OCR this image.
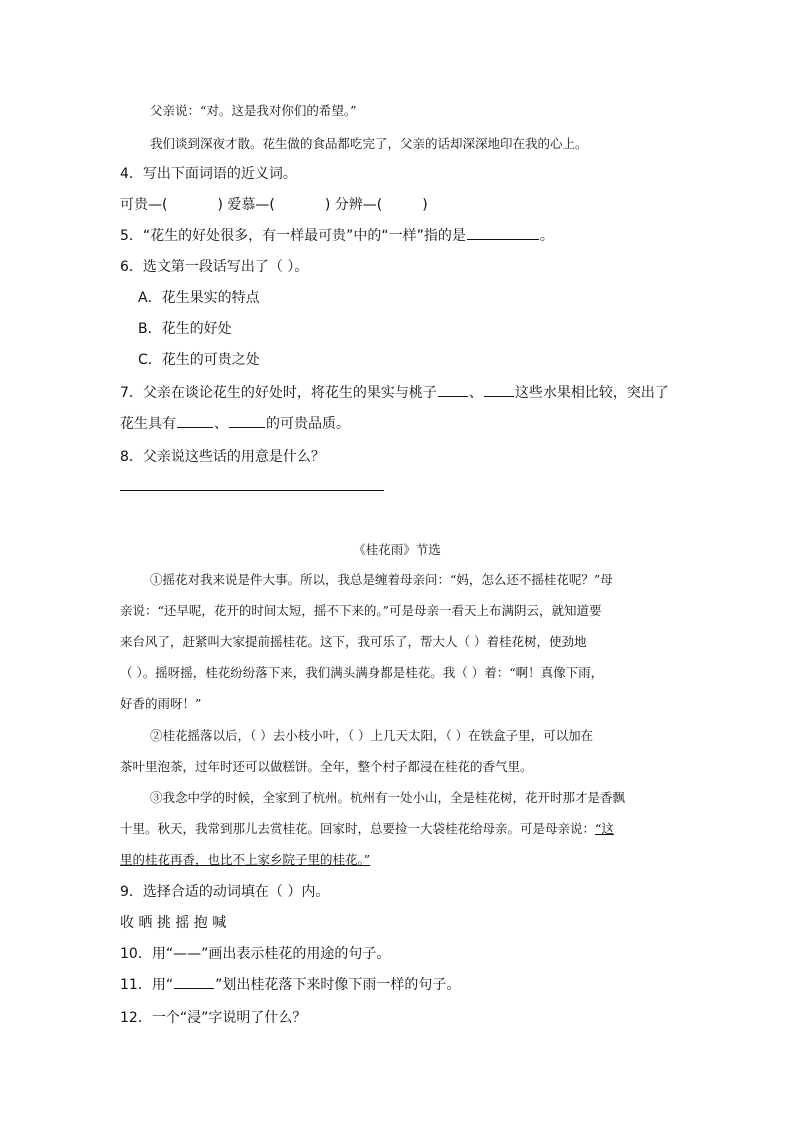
父亲说：“对。这是我对你们的希望。”
我们谈到深夜才散。花生做的食品都吃完了，父亲的话却深深地印在我的心上。
4．写出下面词语的近义词。
可贵—(	) 爱慕—(	) 分辨—(	)
5．“花生的好处很多，有一样最可贵”中的“一样”指的是	。
6．选文第一段话写出了（ ）。
A．花生果实的特点
B．花生的好处
C．花生的可贵之处
7．父亲在谈论花生的好处时，将花生的果实与桃子 、 这些水果相比较，突出了
花生具有	、	的可贵品质。
8．父亲说这些话的用意是什么？
《桂花雨》节选
①摇花对我来说是件大事。所以，我总是缠着母亲问：“妈，怎么还不摇桂花呢？”母
亲说：“还早呢，花开的时间太短，摇不下来的。”可是母亲一看天上布满阴云，就知道要
来台风了，赶紧叫大家提前摇桂花。这下，我可乐了，帮大人（ ）着桂花树，使劲地
（ ）。摇呀摇，桂花纷纷落下来，我们满头满身都是桂花。我（ ）着：“啊！真像下雨，
好香的雨呀！”
②桂花摇落以后，（ ）去小枝小叶，（ ）上几天太阳，（ ）在铁盒子里，可以加在
茶叶里泡茶，过年时还可以做糕饼。全年，整个村子都浸在桂花的香气里。
③我念中学的时候，全家到了杭州。杭州有一处小山，全是桂花树，花开时那才是香飘
十里。秋天，我常到那儿去赏桂花。回家时，总要捡一大袋桂花给母亲。可是母亲说：“这
里的桂花再香，也比不上家乡院子里的桂花。”
9．选择合适的动词填在（ ）内。
收 晒 挑 摇 抱 喊
10．用“——”画出表示桂花的用途的句子。
11．用“	”划出桂花落下来时像下雨一样的句子。
12．一个“浸”字说明了什么？
